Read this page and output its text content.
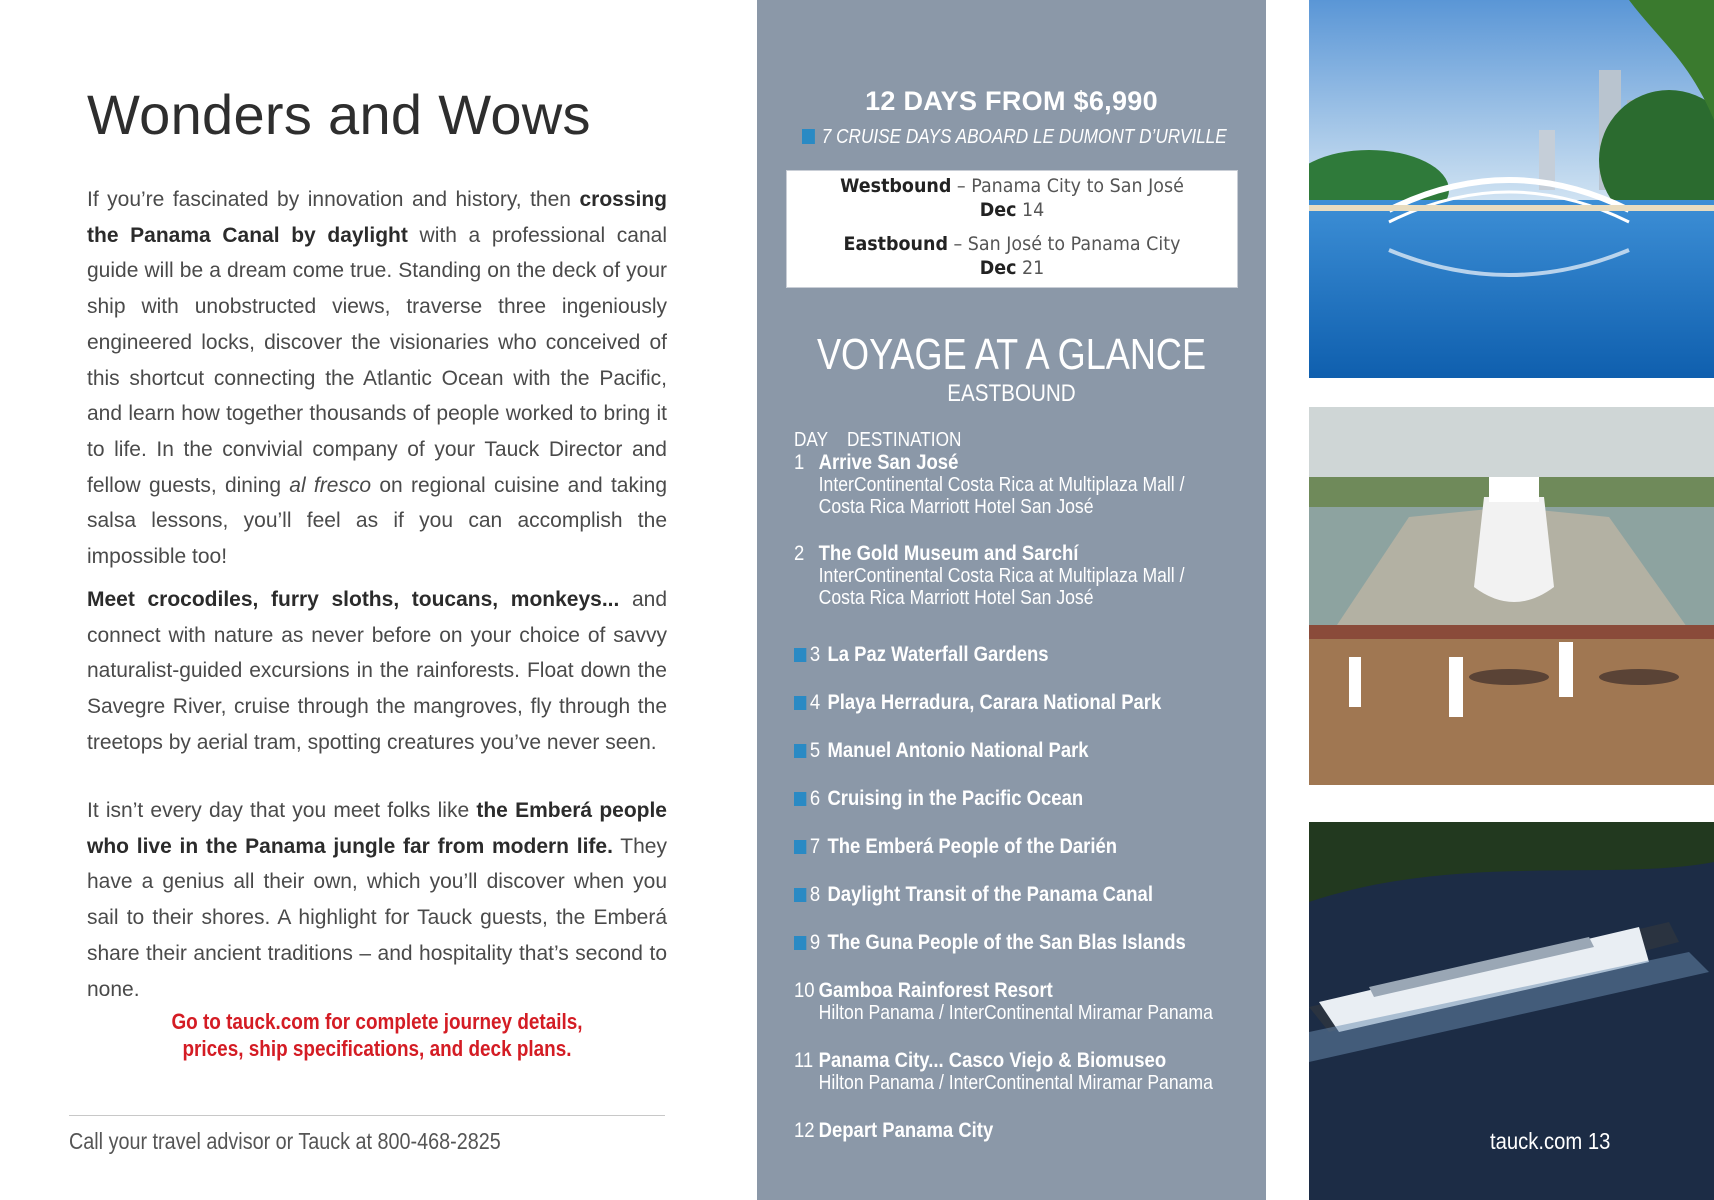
Wonders and Wows
If you’re fascinated by innovation and history, then crossing the Panama Canal by daylight with a professional canal guide will be a dream come true. Standing on the deck of your ship with unobstructed views, traverse three ingeniously engineered locks, discover the visionaries who conceived of this shortcut connecting the Atlantic Ocean with the Pacific, and learn how together thousands of people worked to bring it to life. In the convivial company of your Tauck Director and fellow guests, dining al fresco on regional cuisine and taking salsa lessons, you’ll feel as if you can accomplish the impossible too!
Meet crocodiles, furry sloths, toucans, monkeys... and connect with nature as never before on your choice of savvy naturalist-guided excursions in the rainforests. Float down the Savegre River, cruise through the mangroves, fly through the treetops by aerial tram, spotting creatures you’ve never seen.
It isn’t every day that you meet folks like the Emberá people who live in the Panama jungle far from modern life. They have a genius all their own, which you’ll discover when you sail to their shores. A highlight for Tauck guests, the Emberá share their ancient traditions – and hospitality that’s second to none.
Go to tauck.com for complete journey details,
prices, ship specifications, and deck plans.
Call your travel advisor or Tauck at 800-468-2825
12 DAYS FROM $6,990
7 CRUISE DAYS ABOARD LE DUMONT D’URVILLE
Westbound – Panama City to San José
Dec 14
Eastbound – San José to Panama City
Dec 21
VOYAGE AT A GLANCE
EASTBOUND
DAY DESTINATION
1 Arrive San José
InterContinental Costa Rica at Multiplaza Mall /
Costa Rica Marriott Hotel San José
2 The Gold Museum and Sarchí
InterContinental Costa Rica at Multiplaza Mall /
Costa Rica Marriott Hotel San José
3 La Paz Waterfall Gardens
4 Playa Herradura, Carara National Park
5 Manuel Antonio National Park
6 Cruising in the Pacific Ocean
7 The Emberá People of the Darién
8 Daylight Transit of the Panama Canal
9 The Guna People of the San Blas Islands
10 Gamboa Rainforest Resort
Hilton Panama / InterContinental Miramar Panama
11 Panama City... Casco Viejo & Biomuseo
Hilton Panama / InterContinental Miramar Panama
12 Depart Panama City	tauck.com 13
